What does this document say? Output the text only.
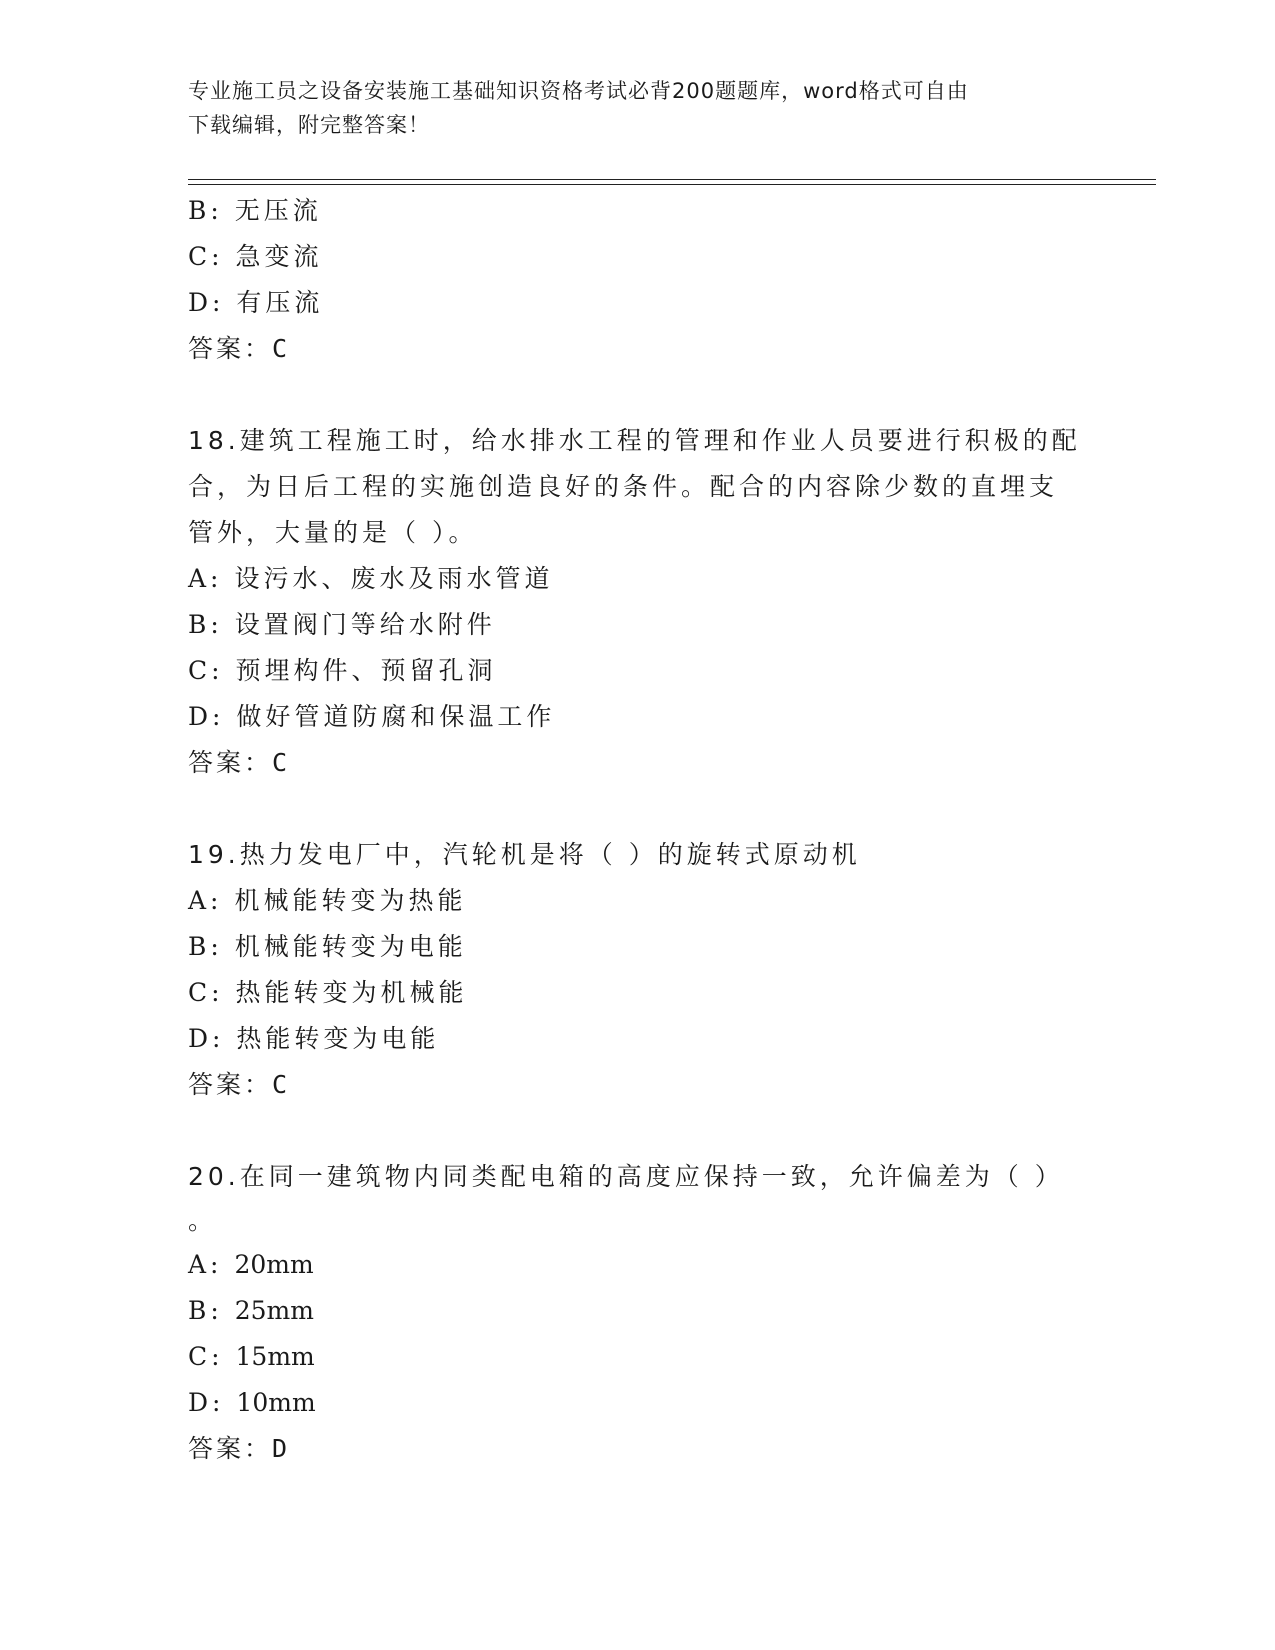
专业施工员之设备安装施工基础知识资格考试必背200题题库，word格式可自由
下载编辑，附完整答案！
B: 无压流
C: 急变流
D: 有压流
答案：C
18.建筑工程施工时，给水排水工程的管理和作业人员要进行积极的配
合，为日后工程的实施创造良好的条件。配合的内容除少数的直埋支
管外，大量的是（ ）。
A: 设污水、废水及雨水管道
B: 设置阀门等给水附件
C: 预埋构件、预留孔洞
D: 做好管道防腐和保温工作
答案：C
19.热力发电厂中，汽轮机是将（ ）的旋转式原动机
A: 机械能转变为热能
B: 机械能转变为电能
C: 热能转变为机械能
D: 热能转变为电能
答案：C
20.在同一建筑物内同类配电箱的高度应保持一致，允许偏差为（ ）
。
A: 20mm
B: 25mm
C: 15mm
D: 10mm
答案：D
